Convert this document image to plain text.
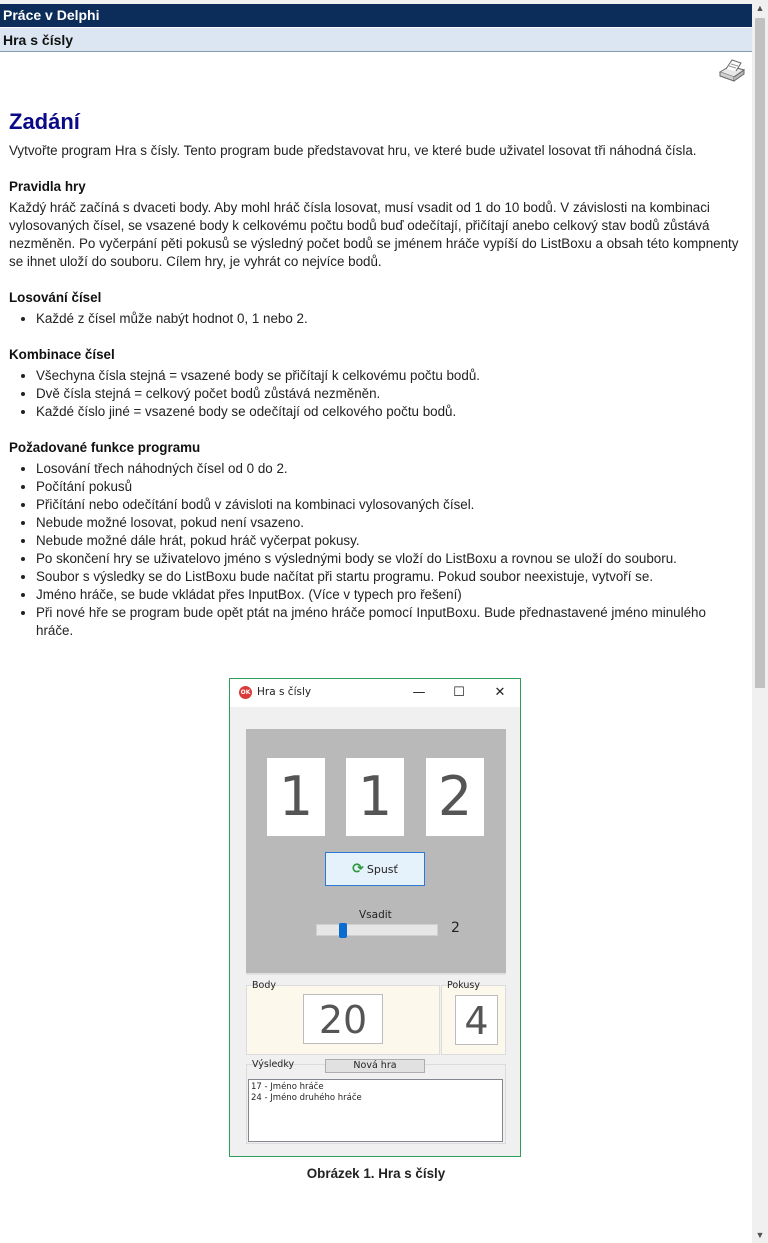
Práce v Delphi
Hra s čísly
Zadání

Vytvořte program Hra s čísly. Tento program bude představovat hru, ve které bude uživatel losovat tři náhodná čísla.

Pravidla hry

Každý hráč začíná s dvaceti body. Aby mohl hráč čísla losovat, musí vsadit od 1 do 10 bodů. V závislosti na kombinaci vylosovaných čísel, se vsazené body k celkovému počtu bodů buď odečítají, přičítají anebo celkový stav bodů zůstává nezměněn. Po vyčerpání pěti pokusů se výsledný počet bodů se jménem hráče vypíší do ListBoxu a obsah této kompnenty se ihnet uloží do souboru. Cílem hry, je vyhrát co nejvíce bodů.

Losování čísel
• Každé z čísel může nabýt hodnot 0, 1 nebo 2.
Kombinace čísel
• Všechyna čísla stejná = vsazené body se přičítají k celkovému počtu bodů.
• Dvě čísla stejná = celkový počet bodů zůstává nezměněn.
• Každé číslo jiné = vsazené body se odečítají od celkového počtu bodů.
Požadované funkce programu
• Losování třech náhodných čísel od 0 do 2.
• Počítání pokusů
• Přičítání nebo odečítání bodů v závisloti na kombinaci vylosovaných čísel.
• Nebude možné losovat, pokud není vsazeno.
• Nebude možné dále hrát, pokud hráč vyčerpat pokusy.
• Po skončení hry se uživatelovo jméno s výslednými body se vloží do ListBoxu a rovnou se uloží do souboru.
• Soubor s výsledky se do ListBoxu bude načítat při startu programu. Pokud soubor neexistuje, vytvoří se.
• Jméno hráče, se bude vkládat přes InputBox. (Více v typech pro řešení)
• Při nové hře se program bude opět ptát na jméno hráče pomocí InputBoxu. Bude přednastavené jméno minulého hráče.
OK Hra s čísly	—	☐	✕
1 1 2
⟳ Spusť
Vsadit
2
Body
20
Pokusy
4
Výsledky	Nová hra
17 - Jméno hráče
24 - Jméno druhého hráče
Obrázek 1. Hra s čísly
▲
▼
